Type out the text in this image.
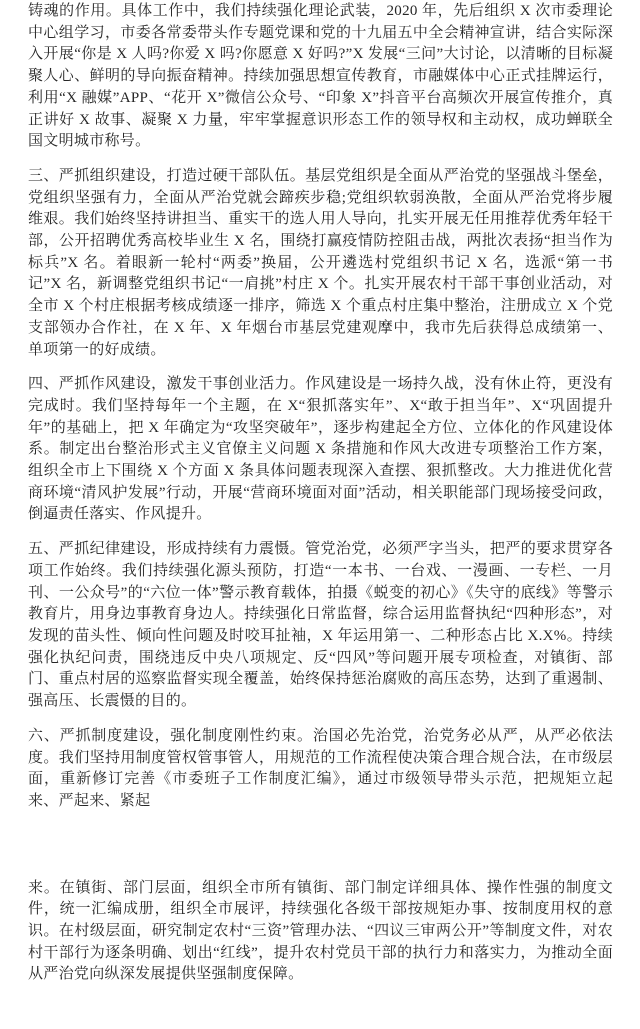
铸魂的作用。具体工作中，我们持续强化理论武装，2020 年，先后组织 X 次市委理论中心组学习，市委各常委带头作专题党课和党的十九届五中全会精神宣讲，结合实际深入开展“你是 X 人吗?你爱 X 吗?你愿意 X 好吗?”X 发展“三问”大讨论，以清晰的目标凝聚人心、鲜明的导向振奋精神。持续加强思想宣传教育，市融媒体中心正式挂牌运行，利用“X 融媒”APP、“花开 X”微信公众号、“印象 X”抖音平台高频次开展宣传推介，真正讲好 X 故事、凝聚 X 力量，牢牢掌握意识形态工作的领导权和主动权，成功蝉联全国文明城市称号。

三、严抓组织建设，打造过硬干部队伍。基层党组织是全面从严治党的坚强战斗堡垒，党组织坚强有力，全面从严治党就会蹄疾步稳;党组织软弱涣散，全面从严治党将步履维艰。我们始终坚持讲担当、重实干的选人用人导向，扎实开展无任用推荐优秀年轻干部，公开招聘优秀高校毕业生 X 名，围绕打赢疫情防控阻击战，两批次表扬“担当作为标兵”X 名。着眼新一轮村“两委”换届，公开遴选村党组织书记 X 名，选派“第一书记”X 名，新调整党组织书记“一肩挑”村庄 X 个。扎实开展农村干部干事创业活动，对全市 X 个村庄根据考核成绩逐一排序，筛选 X 个重点村庄集中整治，注册成立 X 个党支部领办合作社，在 X 年、X 年烟台市基层党建观摩中，我市先后获得总成绩第一、单项第一的好成绩。

四、严抓作风建设，激发干事创业活力。作风建设是一场持久战，没有休止符，更没有完成时。我们坚持每年一个主题，在 X“狠抓落实年”、X“敢于担当年”、X“巩固提升年”的基础上，把 X 年确定为“攻坚突破年”，逐步构建起全方位、立体化的作风建设体系。制定出台整治形式主义官僚主义问题 X 条措施和作风大改进专项整治工作方案，组织全市上下围绕 X 个方面 X 条具体问题表现深入查摆、狠抓整改。大力推进优化营商环境“清风护发展”行动，开展“营商环境面对面”活动，相关职能部门现场接受问政，倒逼责任落实、作风提升。

五、严抓纪律建设，形成持续有力震慑。管党治党，必须严字当头，把严的要求贯穿各项工作始终。我们持续强化源头预防，打造“一本书、一台戏、一漫画、一专栏、一月刊、一公众号”的“六位一体”警示教育载体，拍摄《蜕变的初心》《失守的底线》等警示教育片，用身边事教育身边人。持续强化日常监督，综合运用监督执纪“四种形态”，对发现的苗头性、倾向性问题及时咬耳扯袖，X 年运用第一、二种形态占比 X.X%。持续强化执纪问责，围绕违反中央八项规定、反“四风”等问题开展专项检查，对镇街、部门、重点村居的巡察监督实现全覆盖，始终保持惩治腐败的高压态势，达到了重遏制、强高压、长震慑的目的。

六、严抓制度建设，强化制度刚性约束。治国必先治党，治党务必从严，从严必依法度。我们坚持用制度管权管事管人，用规范的工作流程使决策合理合规合法，在市级层面，重新修订完善《市委班子工作制度汇编》，通过市级领导带头示范，把规矩立起来、严起来、紧起

来。在镇街、部门层面，组织全市所有镇街、部门制定详细具体、操作性强的制度文件，统一汇编成册，组织全市展评，持续强化各级干部按规矩办事、按制度用权的意识。在村级层面，研究制定农村“三资”管理办法、“四议三审两公开”等制度文件，对农村干部行为逐条明确、划出“红线”，提升农村党员干部的执行力和落实力，为推动全面从严治党向纵深发展提供坚强制度保障。
